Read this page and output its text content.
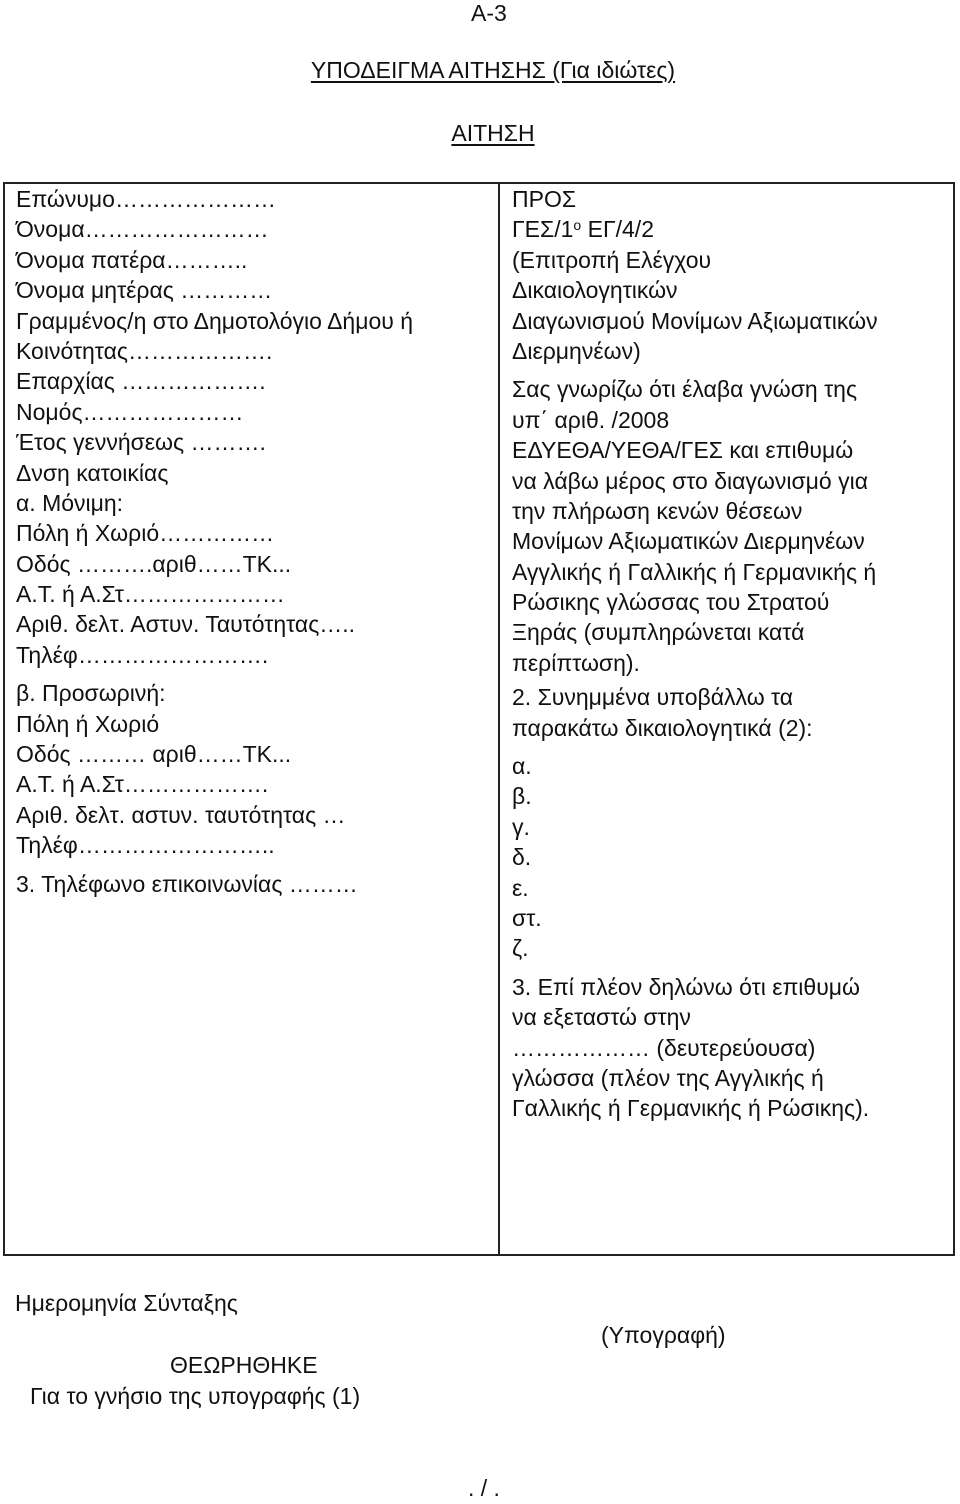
Α-3
ΥΠΟΔΕΙΓΜΑ ΑΙΤΗΣΗΣ (Για ιδιώτες)
ΑΙΤΗΣΗ
Επώνυμο…………………
Όνομα……………………
Όνομα πατέρα………..
Όνομα μητέρας …………
Γραμμένος/η στο Δημοτολόγιο Δήμου ή
Κοινότητας……………….
Επαρχίας ……………….
Νομός…………………
Έτος γεννήσεως ……….
Δνση κατοικίας
α. Μόνιμη:
Πόλη ή Χωριό……………
Οδός ……….αριθ……TK...
Α.Τ. ή Α.Στ…………………
Αριθ. δελτ. Αστυν. Ταυτότητας…..
Τηλέφ…………………….
β. Προσωρινή:
Πόλη ή Χωριό
Οδός ……… αριθ……TK...
Α.Τ. ή Α.Στ……………….
Αριθ. δελτ. αστυν. ταυτότητας …
Τηλέφ……………………..
3. Τηλέφωνο επικοινωνίας ………
ΠΡΟΣ
ΓΕΣ/$1^o$ ΕΓ/4/2
(Επιτροπή Ελέγχου
Δικαιολογητικών
Διαγωνισμού Μονίμων Αξιωματικών
Διερμηνέων)
Σας γνωρίζω ότι έλαβα γνώση της
υπ΄ αριθ. /2008
ΕΔΥΕΘΑ/ΥΕΘΑ/ΓΕΣ και επιθυμώ
να λάβω μέρος στο διαγωνισμό για
την πλήρωση κενών θέσεων
Μονίμων Αξιωματικών Διερμηνέων
Αγγλικής ή Γαλλικής ή Γερμανικής ή
Ρώσικης γλώσσας του Στρατού
Ξηράς (συμπληρώνεται κατά
περίπτωση).
2. Συνημμένα υποβάλλω τα
παρακάτω δικαιολογητικά (2):
α.
β.
γ.
δ.
ε.
στ.
ζ.
3. Επί πλέον δηλώνω ότι επιθυμώ
να εξεταστώ στην
……………… (δευτερεύουσα)
γλώσσα (πλέον της Αγγλικής ή
Γαλλικής ή Γερμανικής ή Ρώσικης).
Ημερομηνία Σύνταξης
(Υπογραφή)
ΘΕΩΡΗΘΗΚΕ
Για το γνήσιο της υπογραφής (1)
. / .
